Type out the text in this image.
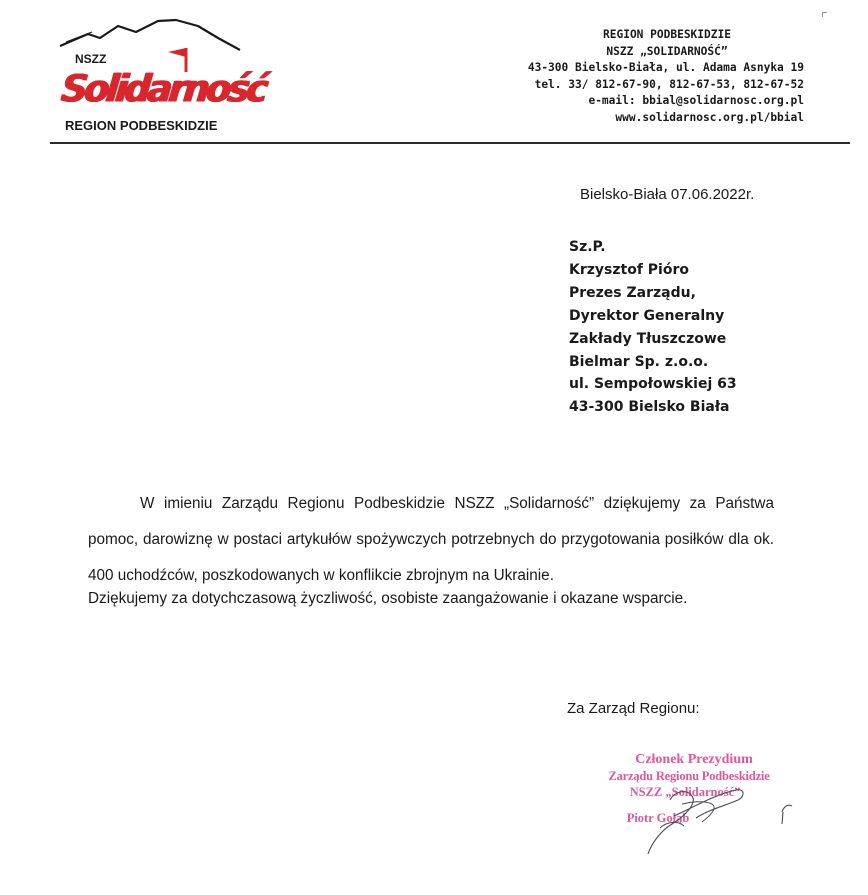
NSZZ
Solidarność
REGION PODBESKIDZIE
REGION PODBESKIDZIE
NSZZ „SOLIDARNOŚĆ”
43-300 Bielsko-Biała, ul. Adama Asnyka 19
tel. 33/ 812-67-90, 812-67-53, 812-67-52
e-mail: bbial@solidarnosc.org.pl
www.solidarnosc.org.pl/bbial
Bielsko-Biała 07.06.2022r.
Sz.P.
Krzysztof Pióro
Prezes Zarządu,
Dyrektor Generalny
Zakłady Tłuszczowe
Bielmar Sp. z.o.o.
ul. Sempołowskiej 63
43-300 Bielsko Biała
W imieniu Zarządu Regionu Podbeskidzie NSZZ „Solidarność” dziękujemy za Państwa pomoc, darowiznę w postaci artykułów spożywczych potrzebnych do przygotowania posiłków dla ok. 400 uchodźców, poszkodowanych w konflikcie zbrojnym na Ukrainie.
Dziękujemy za dotychczasową życzliwość, osobiste zaangażowanie i okazane wsparcie.
Za Zarząd Regionu:
Członek Prezydium
Zarządu Regionu Podbeskidzie
NSZZ „Solidarność”
Piotr Gołąb
